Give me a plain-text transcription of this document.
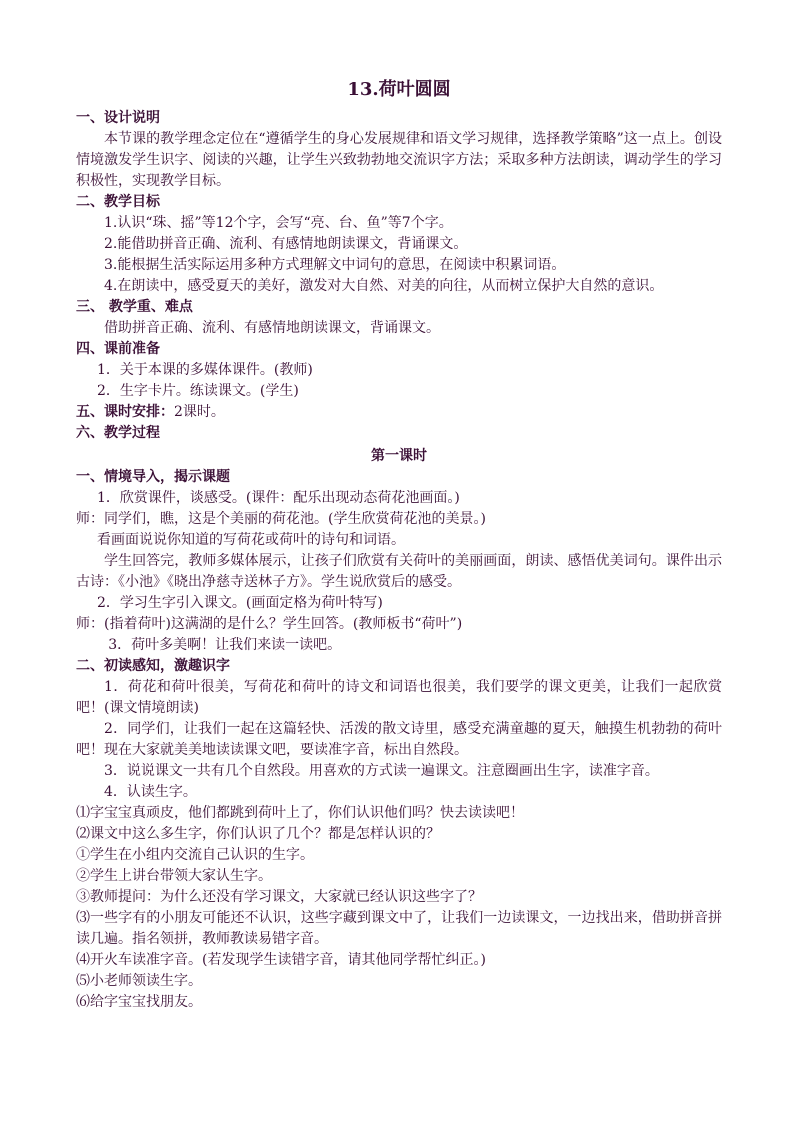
13.荷叶圆圆

一、设计说明

本节课的教学理念定位在“遵循学生的身心发展规律和语文学习规律，选择教学策略”这一点上。创设情境激发学生识字、阅读的兴趣，让学生兴致勃勃地交流识字方法；采取多种方法朗读，调动学生的学习积极性，实现教学目标。

二、教学目标

1.认识“珠、摇”等12个字，会写“亮、台、鱼”等7个字。

2.能借助拼音正确、流利、有感情地朗读课文，背诵课文。

3.能根据生活实际运用多种方式理解文中词句的意思，在阅读中积累词语。

4.在朗读中，感受夏天的美好，激发对大自然、对美的向往，从而树立保护大自然的意识。

三、 教学重、难点

借助拼音正确、流利、有感情地朗读课文，背诵课文。

四、课前准备

1．关于本课的多媒体课件。(教师)

2．生字卡片。练读课文。(学生)

五、课时安排：2课时。

六、教学过程

第一课时

一、情境导入，揭示课题

1．欣赏课件，谈感受。(课件：配乐出现动态荷花池画面。)

师：同学们，瞧，这是个美丽的荷花池。(学生欣赏荷花池的美景。)

看画面说说你知道的写荷花或荷叶的诗句和词语。

学生回答完，教师多媒体展示，让孩子们欣赏有关荷叶的美丽画面，朗读、感悟优美词句。课件出示古诗：《小池》《晓出净慈寺送林子方》。学生说欣赏后的感受。

2．学习生字引入课文。(画面定格为荷叶特写)

师：(指着荷叶)这满湖的是什么？学生回答。(教师板书“荷叶”)

3．荷叶多美啊！让我们来读一读吧。

二、初读感知，激趣识字

1．荷花和荷叶很美，写荷花和荷叶的诗文和词语也很美，我们要学的课文更美，让我们一起欣赏吧！(课文情境朗读)

2．同学们，让我们一起在这篇轻快、活泼的散文诗里，感受充满童趣的夏天，触摸生机勃勃的荷叶吧！现在大家就美美地读读课文吧，要读准字音，标出自然段。

3．说说课文一共有几个自然段。用喜欢的方式读一遍课文。注意圈画出生字，读准字音。

4．认读生字。

⑴字宝宝真顽皮，他们都跳到荷叶上了，你们认识他们吗？快去读读吧！

⑵课文中这么多生字，你们认识了几个？都是怎样认识的？

①学生在小组内交流自己认识的生字。

②学生上讲台带领大家认生字。

③教师提问：为什么还没有学习课文，大家就已经认识这些字了？

⑶一些字有的小朋友可能还不认识，这些字藏到课文中了，让我们一边读课文，一边找出来，借助拼音拼读几遍。指名领拼，教师教读易错字音。

⑷开火车读准字音。(若发现学生读错字音，请其他同学帮忙纠正。)

⑸小老师领读生字。

⑹给字宝宝找朋友。
